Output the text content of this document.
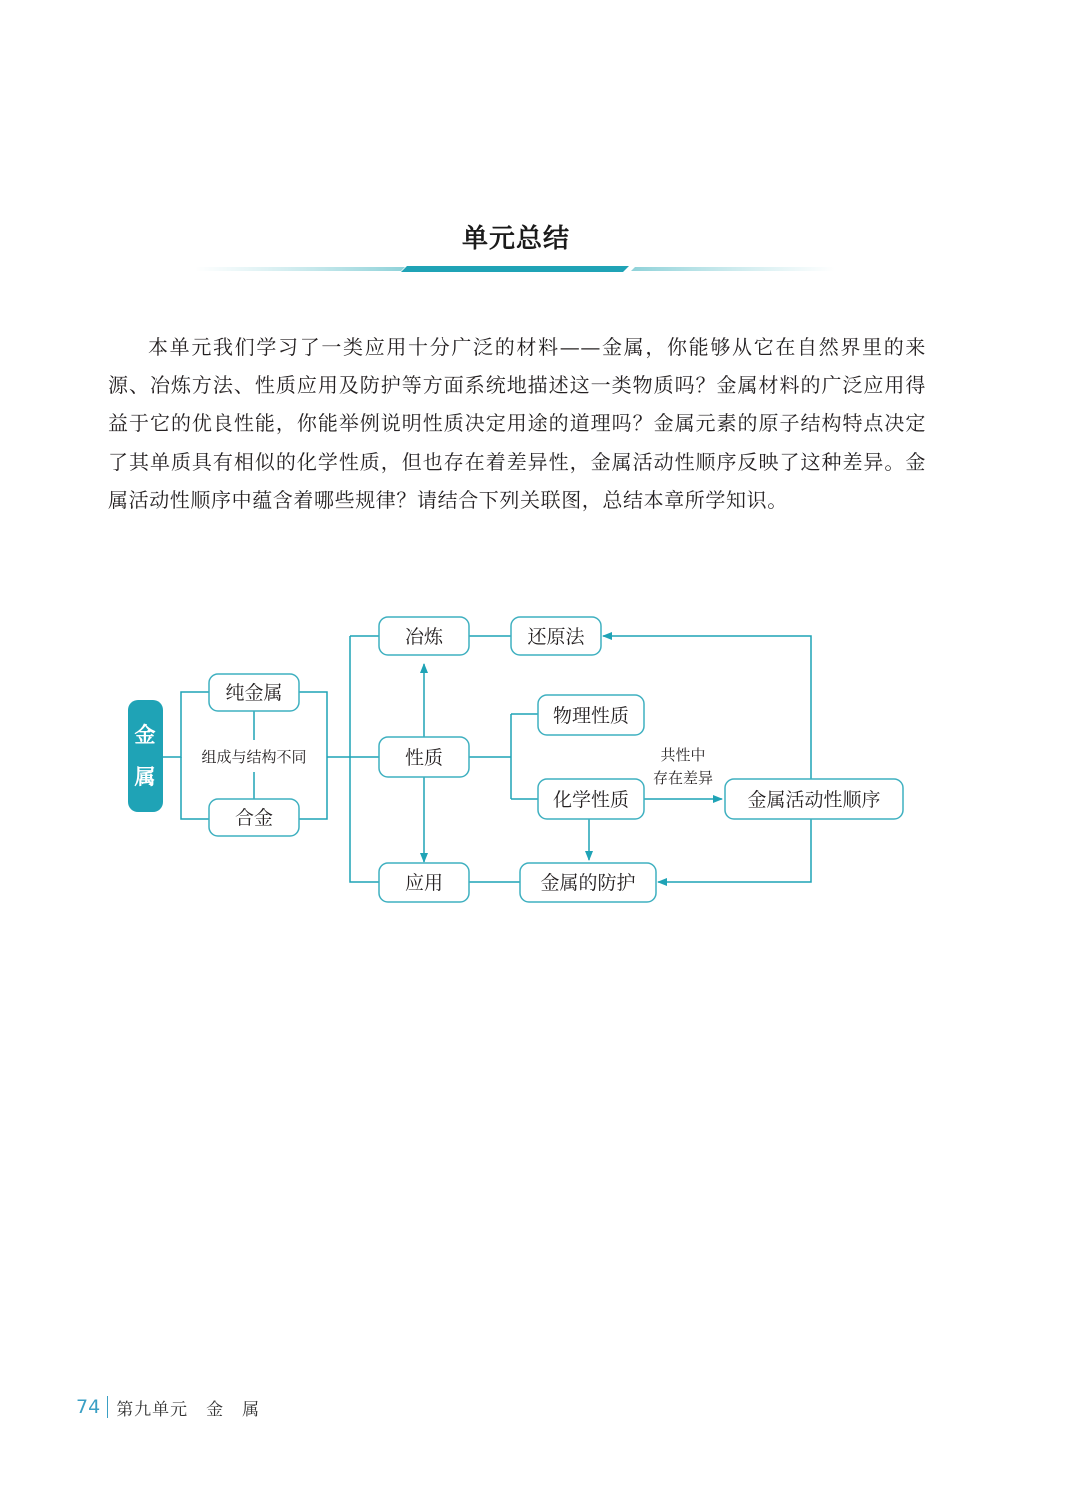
单元总结

本单元我们学习了一类应用十分广泛的材料——金属，你能够从它在自然界里的来源、冶炼方法、性质应用及防护等方面系统地描述这一类物质吗？金属材料的广泛应用得益于它的优良性能，你能举例说明性质决定用途的道理吗？金属元素的原子结构特点决定了其单质具有相似的化学性质，但也存在着差异性，金属活动性顺序反映了这种差异。金属活动性顺序中蕴含着哪些规律？请结合下列关联图，总结本章所学知识。

金
属
纯金属
合金
冶炼	还原法
性质
物理性质
化学性质
应用	金属的防护
金属活动性顺序
组成与结构不同	共性中
存在差异
74 第九单元　金　属
